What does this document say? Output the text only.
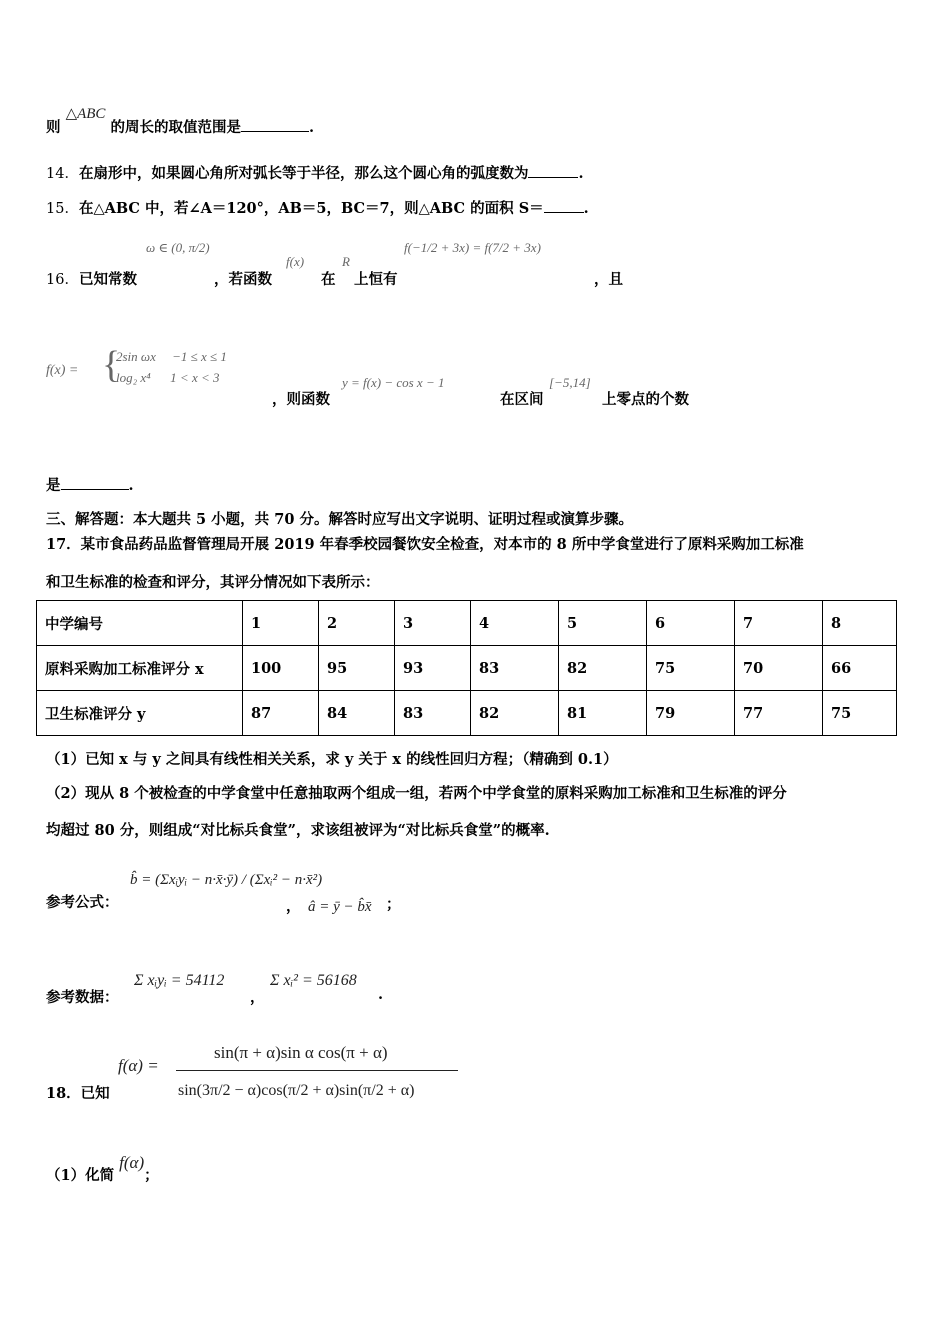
则 △ABC 的周长的取值范围是	.
14．在扇形中，如果圆心角所对弧长等于半径，那么这个圆心角的弧度数为	.
15．在△ABC 中，若∠A＝120°，AB＝5，BC＝7，则△ABC 的面积 S＝	.
16．已知常数
ω ∈ (0, π/2)
，若函数
f(x)
在
R
上恒有
f(−1/2 + 3x) = f(7/2 + 3x)
，且
f(x) = {
2sin ωx     −1 ≤ x ≤ 1
log₂ x⁴      1 < x < 3
，则函数
y = f(x) − cos x − 1
在区间
[−5,14]
上零点的个数
是	.
三、解答题：本大题共 5 小题，共 70 分。解答时应写出文字说明、证明过程或演算步骤。
17．某市食品药品监督管理局开展 2019 年春季校园餐饮安全检查，对本市的 8 所中学食堂进行了原料采购加工标准
和卫生标准的检查和评分，其评分情况如下表所示：
中学编号	1	2	3	4	5	6	7	8
原料采购加工标准评分 x	100	95	93	83	82	75	70	66
卫生标准评分 y	87	84	83	82	81	79	77	75
（1）已知 x 与 y 之间具有线性相关关系，求 y 关于 x 的线性回归方程；（精确到 0.1）
（2）现从 8 个被检查的中学食堂中任意抽取两个组成一组，若两个中学食堂的原料采购加工标准和卫生标准的评分
均超过 80 分，则组成“对比标兵食堂”，求该组被评为“对比标兵食堂”的概率.
参考公式：
b̂ = (Σxᵢyᵢ − n·x̄·ȳ) / (Σxᵢ² − n·x̄²)
， â = ȳ − b̂x̄ ；
参考数据：
Σ xᵢyᵢ = 54112
，
Σ xᵢ² = 56168
.
18．已知
f(α) =
sin(π + α)sin α cos(π + α)
sin(3π/2 − α)cos(π/2 + α)sin(π/2 + α)
（1）化简 f(α)；
